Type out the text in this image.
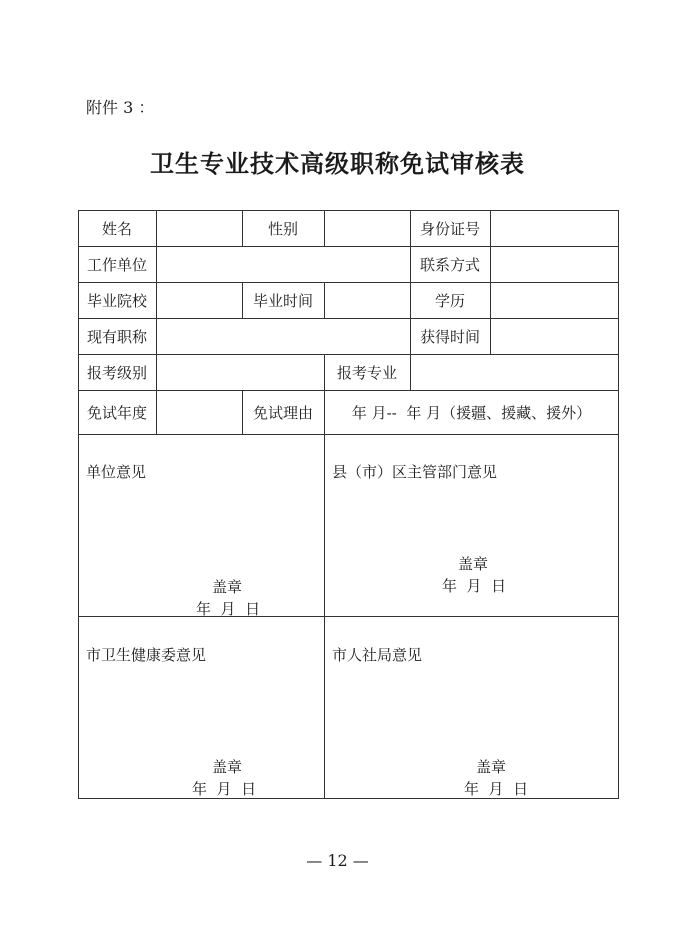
附件 3 ：
卫生专业技术高级职称免试审核表
姓名	性别	身份证号
工作单位	联系方式
毕业院校	毕业时间	学历
现有职称	获得时间
报考级别	报考专业
免试年度	免试理由	年 月--  年 月（援疆、援藏、援外）
单位意见
盖章
年  月  日
县（市）区主管部门意见
盖章
年  月  日
市卫生健康委意见
盖章
年  月  日
市人社局意见
盖章
年  月  日
— 12 —
